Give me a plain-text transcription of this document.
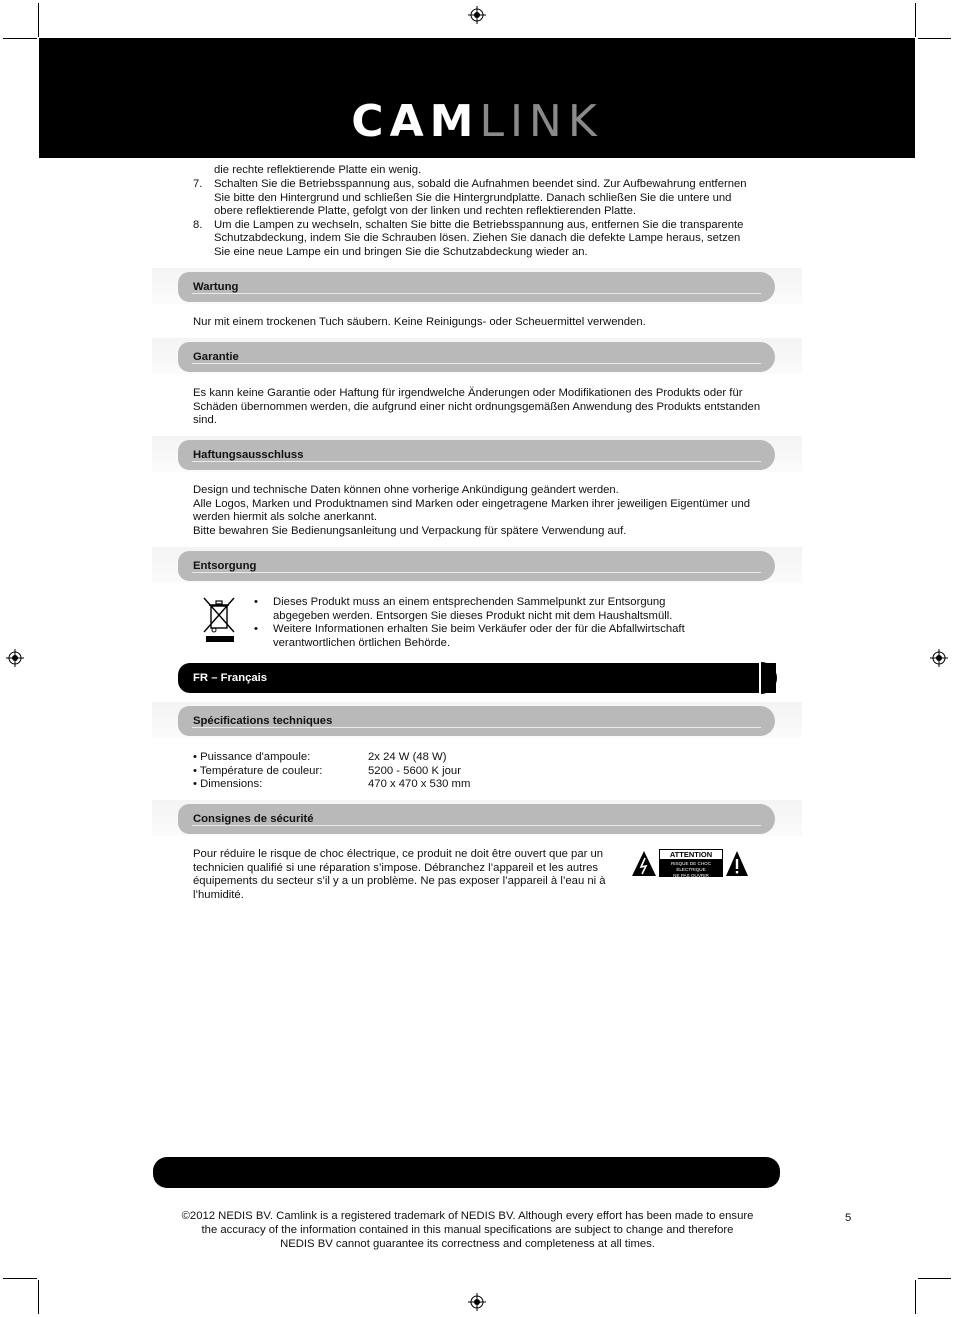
CAMLINK
die rechte reflektierende Platte ein wenig.
7. Schalten Sie die Betriebsspannung aus, sobald die Aufnahmen beendet sind. Zur Aufbewahrung entfernen Sie bitte den Hintergrund und schließen Sie die Hintergrundplatte. Danach schließen Sie die untere und obere reflektierende Platte, gefolgt von der linken und rechten reflektierenden Platte.
8. Um die Lampen zu wechseln, schalten Sie bitte die Betriebsspannung aus, entfernen Sie die transparente Schutzabdeckung, indem Sie die Schrauben lösen. Ziehen Sie danach die defekte Lampe heraus, setzen Sie eine neue Lampe ein und bringen Sie die Schutzabdeckung wieder an.
Wartung
Nur mit einem trockenen Tuch säubern. Keine Reinigungs- oder Scheuermittel verwenden.
Garantie
Es kann keine Garantie oder Haftung für irgendwelche Änderungen oder Modifikationen des Produkts oder für Schäden übernommen werden, die aufgrund einer nicht ordnungsgemäßen Anwendung des Produkts entstanden sind.
Haftungsausschluss
Design und technische Daten können ohne vorherige Ankündigung geändert werden.
Alle Logos, Marken und Produktnamen sind Marken oder eingetragene Marken ihrer jeweiligen Eigentümer und werden hiermit als solche anerkannt.
Bitte bewahren Sie Bedienungsanleitung und Verpackung für spätere Verwendung auf.
Entsorgung
• Dieses Produkt muss an einem entsprechenden Sammelpunkt zur Entsorgung abgegeben werden. Entsorgen Sie dieses Produkt nicht mit dem Haushaltsmüll.
• Weitere Informationen erhalten Sie beim Verkäufer oder der für die Abfallwirtschaft verantwortlichen örtlichen Behörde.
FR – Français
Spécifications techniques
• Puissance d'ampoule:	2x 24 W (48 W)
• Température de couleur:	5200 - 5600 K jour
• Dimensions:	470 x 470 x 530 mm
Consignes de sécurité
Pour réduire le risque de choc électrique, ce produit ne doit être ouvert que par un technicien qualifié si une réparation s’impose. Débranchez l’appareil et les autres équipements du secteur s’il y a un problème. Ne pas exposer l’appareil à l’eau ni à l’humidité.
ATTENTION
RISQUE DE CHOC ÉLECTRIQUE
NE PAS OUVRIR
©2012 NEDIS BV. Camlink is a registered trademark of NEDIS BV. Although every effort has been made to ensure
the accuracy of the information contained in this manual specifications are subject to change and therefore
NEDIS BV cannot guarantee its correctness and completeness at all times.
5
